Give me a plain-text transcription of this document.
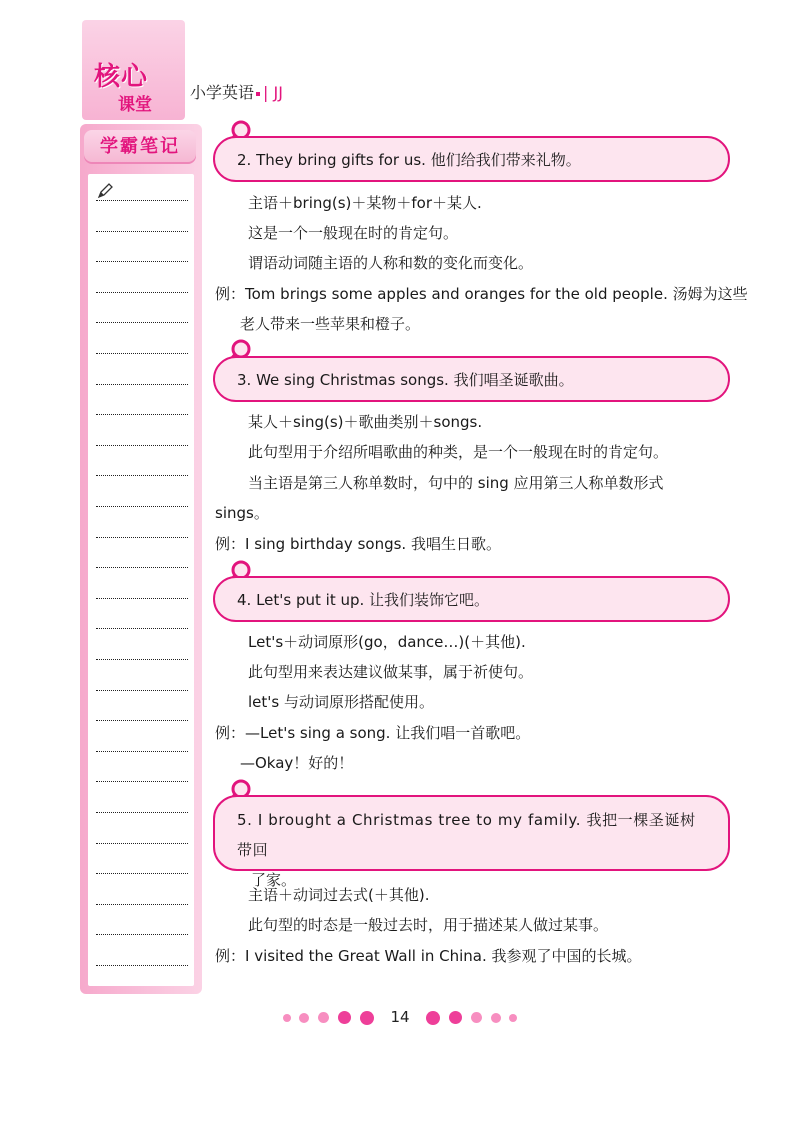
核心
课堂
小学英语 | JJ
学霸笔记
2. They bring gifts for us. 他们给我们带来礼物。
主语＋bring(s)＋某物＋for＋某人.
这是一个一般现在时的肯定句。
谓语动词随主语的人称和数的变化而变化。
例：Tom brings some apples and oranges for the old people. 汤姆为这些
老人带来一些苹果和橙子。
3. We sing Christmas songs. 我们唱圣诞歌曲。
某人＋sing(s)＋歌曲类别＋songs.
此句型用于介绍所唱歌曲的种类，是一个一般现在时的肯定句。
当主语是第三人称单数时，句中的 sing 应用第三人称单数形式
sings。
例：I sing birthday songs. 我唱生日歌。
4. Let's put it up. 让我们装饰它吧。
Let's＋动词原形(go，dance…)(＋其他).
此句型用来表达建议做某事，属于祈使句。
let's 与动词原形搭配使用。
例：—Let's sing a song. 让我们唱一首歌吧。
—Okay！好的！
5. I brought a Christmas tree to my family. 我把一棵圣诞树带回
了家。
主语＋动词过去式(＋其他).
此句型的时态是一般过去时，用于描述某人做过某事。
例：I visited the Great Wall in China. 我参观了中国的长城。
14
